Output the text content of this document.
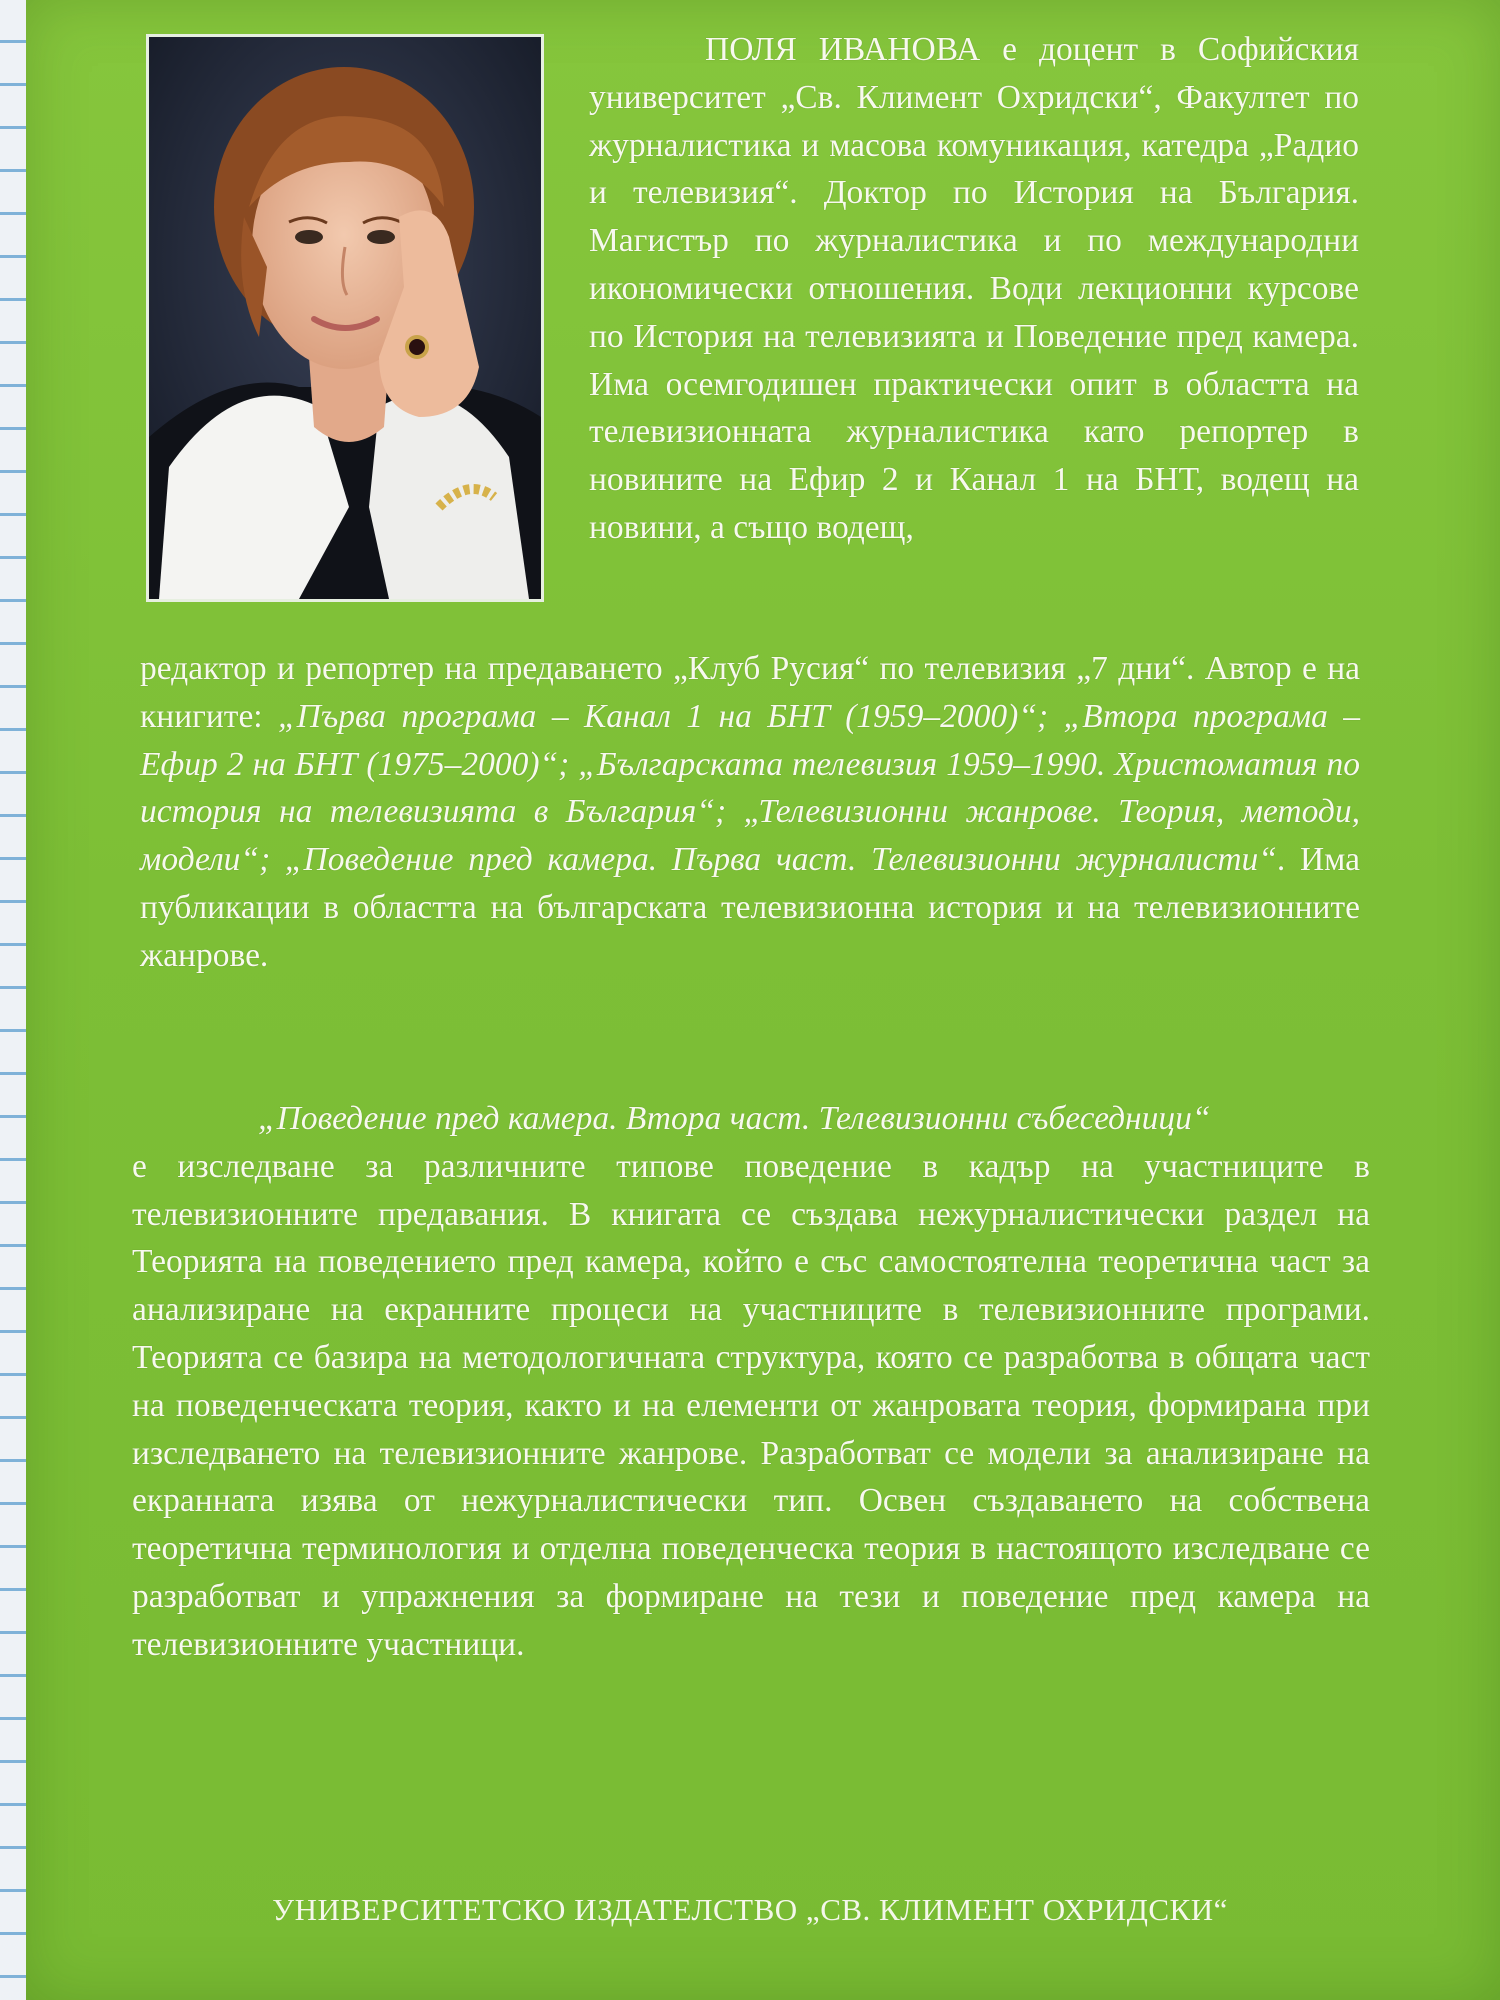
ПОЛЯ ИВАНОВА е доцент в Софийския университет „Св. Климент Охридски“, Факултет по журналистика и масова комуникация, катедра „Радио и телевизия“. Доктор по История на България. Магистър по журналистика и по международни икономически отношения. Води лекционни курсове по История на телевизията и Поведение пред камера. Има осемгодишен практически опит в областта на телевизионната журналистика като репортер в новините на Ефир 2 и Канал 1 на БНТ, водещ на новини, а също водещ,

редактор и репортер на предаването „Клуб Русия“ по телевизия „7 дни“. Автор е на книгите: „Първа програма – Канал 1 на БНТ (1959–2000)“; „Втора програма – Ефир 2 на БНТ (1975–2000)“; „Българската телевизия 1959–1990. Христоматия по история на телевизията в България“; „Телевизионни жанрове. Теория, методи, модели“; „Поведение пред камера. Първа част. Телевизионни журналисти“. Има публикации в областта на българската телевизионна история и на телевизионните жанрове.

„Поведение пред камера. Втора част. Телевизионни събеседници“

е изследване за различните типове поведение в кадър на участниците в телевизионните предавания. В книгата се създава нежурналистически раздел на Теорията на поведението пред камера, който е със самостоятелна теоретична част за анализиране на екранните процеси на участниците в телевизионните програми. Теорията се базира на методологичната структура, която се разработва в общата част на поведенческата теория, както и на елементи от жанровата теория, формирана при изследването на телевизионните жанрове. Разработват се модели за анализиране на екранната изява от нежурналистически тип. Освен създаването на собствена теоретична терминология и отделна поведенческа теория в настоящото изследване се разработват и упражнения за формиране на тези и поведение пред камера на телевизионните участници.

УНИВЕРСИТЕТСКО ИЗДАТЕЛСТВО „СВ. КЛИМЕНТ ОХРИДСКИ“
